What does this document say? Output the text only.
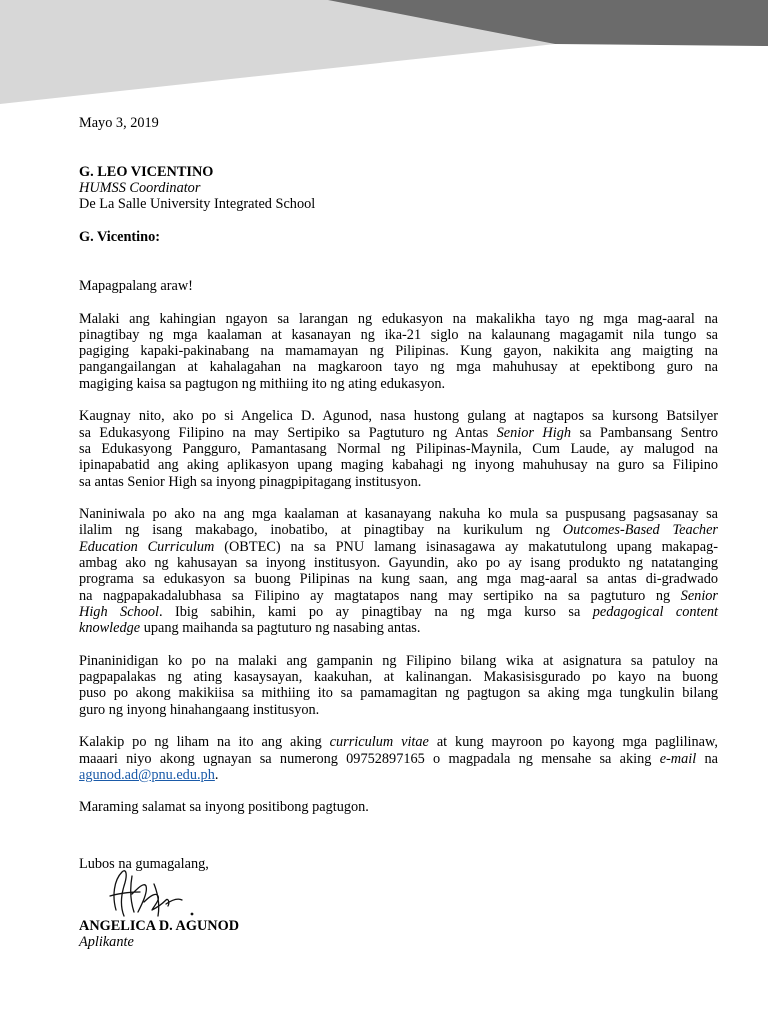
Mayo 3, 2019
G. LEO VICENTINO
HUMSS Coordinator
De La Salle University Integrated School
G. Vicentino:
Mapagpalang araw!
Malaki ang kahingian ngayon sa larangan ng edukasyon na makalikha tayo ng mga mag-aaral na
pinagtibay ng mga kaalaman at kasanayan ng ika-21 siglo na kalaunang magagamit nila tungo sa
pagiging kapaki-pakinabang na mamamayan ng Pilipinas. Kung gayon, nakikita ang maigting na
pangangailangan at kahalagahan na magkaroon tayo ng mga mahuhusay at epektibong guro na
magiging kaisa sa pagtugon ng mithiing ito ng ating edukasyon.
Kaugnay nito, ako po si Angelica D. Agunod, nasa hustong gulang at nagtapos sa kursong Batsilyer
sa Edukasyong Filipino na may Sertipiko sa Pagtuturo ng Antas Senior High sa Pambansang Sentro
sa Edukasyong Pangguro, Pamantasang Normal ng Pilipinas-Maynila, Cum Laude, ay malugod na
ipinapabatid ang aking aplikasyon upang maging kabahagi ng inyong mahuhusay na guro sa Filipino
sa antas Senior High sa inyong pinagpipitagang institusyon.
Naniniwala po ako na ang mga kaalaman at kasanayang nakuha ko mula sa puspusang pagsasanay sa
ilalim ng isang makabago, inobatibo, at pinagtibay na kurikulum ng Outcomes-Based Teacher
Education Curriculum (OBTEC) na sa PNU lamang isinasagawa ay makatutulong upang makapag-
ambag ako ng kahusayan sa inyong institusyon. Gayundin, ako po ay isang produkto ng natatanging
programa sa edukasyon sa buong Pilipinas na kung saan, ang mga mag-aaral sa antas di-gradwado
na nagpapakadalubhasa sa Filipino ay magtatapos nang may sertipiko na sa pagtuturo ng Senior
High School. Ibig sabihin, kami po ay pinagtibay na ng mga kurso sa pedagogical content
knowledge upang maihanda sa pagtuturo ng nasabing antas.
Pinaninidigan ko po na malaki ang gampanin ng Filipino bilang wika at asignatura sa patuloy na
pagpapalakas ng ating kasaysayan, kaakuhan, at kalinangan. Makasisisgurado po kayo na buong
puso po akong makikiisa sa mithiing ito sa pamamagitan ng pagtugon sa aking mga tungkulin bilang
guro ng inyong hinahangaang institusyon.
Kalakip po ng liham na ito ang aking curriculum vitae at kung mayroon po kayong mga paglilinaw,
maaari niyo akong ugnayan sa numerong 09752897165 o magpadala ng mensahe sa aking e-mail na
agunod.ad@pnu.edu.ph.
Maraming salamat sa inyong positibong pagtugon.
Lubos na gumagalang,
ANGELICA D. AGUNOD
Aplikante
